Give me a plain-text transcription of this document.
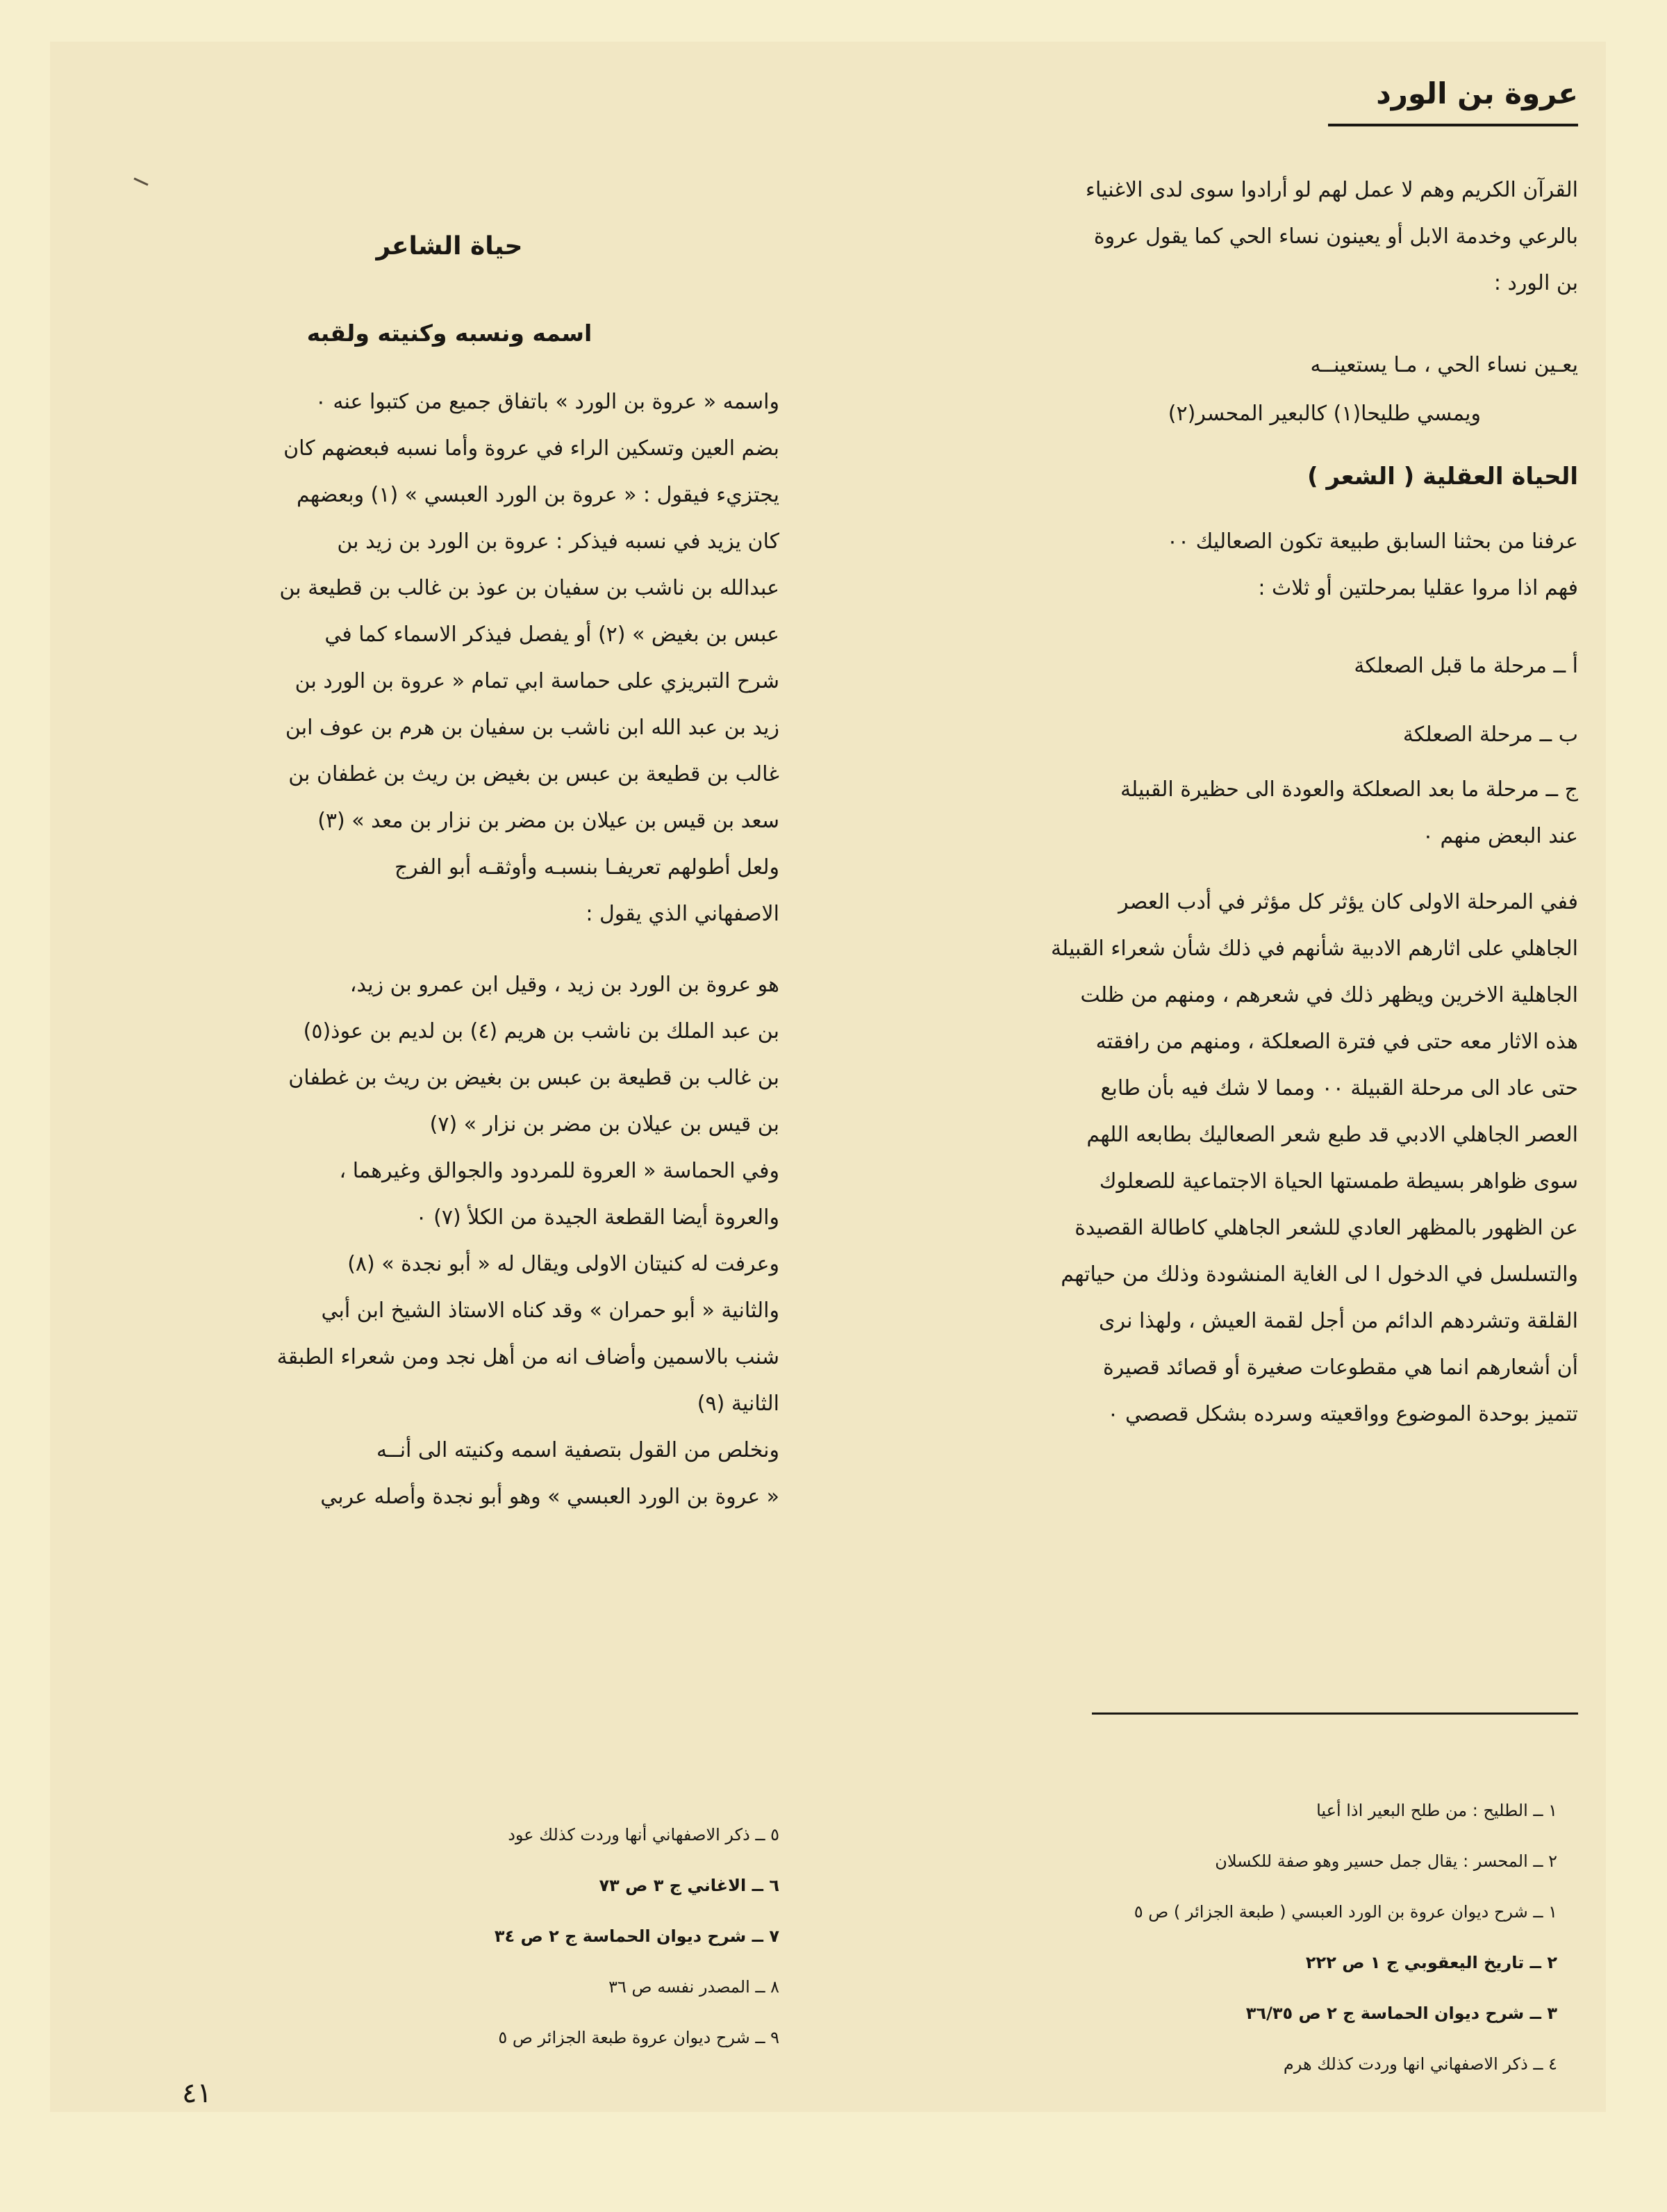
عروة بن الورد
القرآن الكريم وهم لا عمل لهم لو أرادوا سوى لدى الاغنياء
بالرعي وخدمة الابل أو يعينون نساء الحي كما يقول عروة
بن الورد :
يعـين نساء الحي ، مـا يستعينــه
ويمسي طليحا(١) كالبعير المحسر(٢)
الحياة العقلية ( الشعر )
عرفنا من بحثنا السابق طبيعة تكون الصعاليك ٠٠
فهم اذا مروا عقليا بمرحلتين أو ثلاث :
أ ــ مرحلة ما قبل الصعلكة
ب ــ مرحلة الصعلكة
ج ــ مرحلة ما بعد الصعلكة والعودة الى حظيرة القبيلة
عند البعض منهم ٠
ففي المرحلة الاولى كان يؤثر كل مؤثر في أدب العصر
الجاهلي على اثارهم الادبية شأنهم في ذلك شأن شعراء القبيلة
الجاهلية الاخرين ويظهر ذلك في شعرهم ، ومنهم من ظلت
هذه الاثار معه حتى في فترة الصعلكة ، ومنهم من رافقته
حتى عاد الى مرحلة القبيلة ٠٠ ومما لا شك فيه بأن طابع
العصر الجاهلي الادبي قد طبع شعر الصعاليك بطابعه اللهم
سوى ظواهر بسيطة طمستها الحياة الاجتماعية للصعلوك
عن الظهور بالمظهر العادي للشعر الجاهلي كاطالة القصيدة
والتسلسل في الدخول ا لى الغاية المنشودة وذلك من حياتهم
القلقة وتشردهم الدائم من أجل لقمة العيش ، ولهذا نرى
أن أشعارهم انما هي مقطوعات صغيرة أو قصائد قصيرة
تتميز بوحدة الموضوع وواقعيته وسرده بشكل قصصي ٠
حياة الشاعر
اسمه ونسبه وكنيته ولقبه
واسمه « عروة بن الورد » باتفاق جميع من كتبوا عنه ٠
بضم العين وتسكين الراء في عروة وأما نسبه فبعضهم كان
يجتزيء فيقول : « عروة بن الورد العبسي » (١) وبعضهم
كان يزيد في نسبه فيذكر : عروة بن الورد بن زيد بن
عبدالله بن ناشب بن سفيان بن عوذ بن غالب بن قطيعة بن
عبس بن بغيض » (٢) أو يفصل فيذكر الاسماء كما في
شرح التبريزي على حماسة ابي تمام « عروة بن الورد بن
زيد بن عبد الله ابن ناشب بن سفيان بن هرم بن عوف ابن
غالب بن قطيعة بن عبس بن بغيض بن ريث بن غطفان بن
سعد بن قيس بن عيلان بن مضر بن نزار بن معد » (٣)
ولعل أطولهم تعريفـا بنسبـه وأوثقـه أبو الفرج
الاصفهاني الذي يقول :
هو عروة بن الورد بن زيد ، وقيل ابن عمرو بن زيد،
بن عبد الملك بن ناشب بن هريم (٤) بن لديم بن عوذ(٥)
بن غالب بن قطيعة بن عبس بن بغيض بن ريث بن غطفان
بن قيس بن عيلان بن مضر بن نزار » (٧)
وفي الحماسة « العروة للمردود والجوالق وغيرهما ،
والعروة أيضا القطعة الجيدة من الكلأ (٧) ٠
وعرفت له كنيتان الاولى ويقال له « أبو نجدة » (٨)
والثانية « أبو حمران » وقد كناه الاستاذ الشيخ ابن أبي
شنب بالاسمين وأضاف انه من أهل نجد ومن شعراء الطبقة
الثانية (٩)
ونخلص من القول بتصفية اسمه وكنيته الى أنــه
« عروة بن الورد العبسي » وهو أبو نجدة وأصله عربي
١ ــ الطليح : من طلح البعير اذا أعيا
٢ ــ المحسر : يقال جمل حسير وهو صفة للكسلان
١ ــ شرح ديوان عروة بن الورد العبسي ( طبعة الجزائر ) ص ٥
٢ ــ تاريخ اليعقوبي ج ١ ص ٢٢٢
٣ ــ شرح ديوان الحماسة ج ٢ ص ٣٦/٣٥
٤ ــ ذكر الاصفهاني انها وردت كذلك هرم
٥ ــ ذكر الاصفهاني أنها وردت كذلك عود
٦ ــ الاغاني ج ٣ ص ٧٣
٧ ــ شرح ديوان الحماسة ج ٢ ص ٣٤
٨ ــ المصدر نفسه ص ٣٦
٩ ــ شرح ديوان عروة طبعة الجزائر ص ٥
٤١
